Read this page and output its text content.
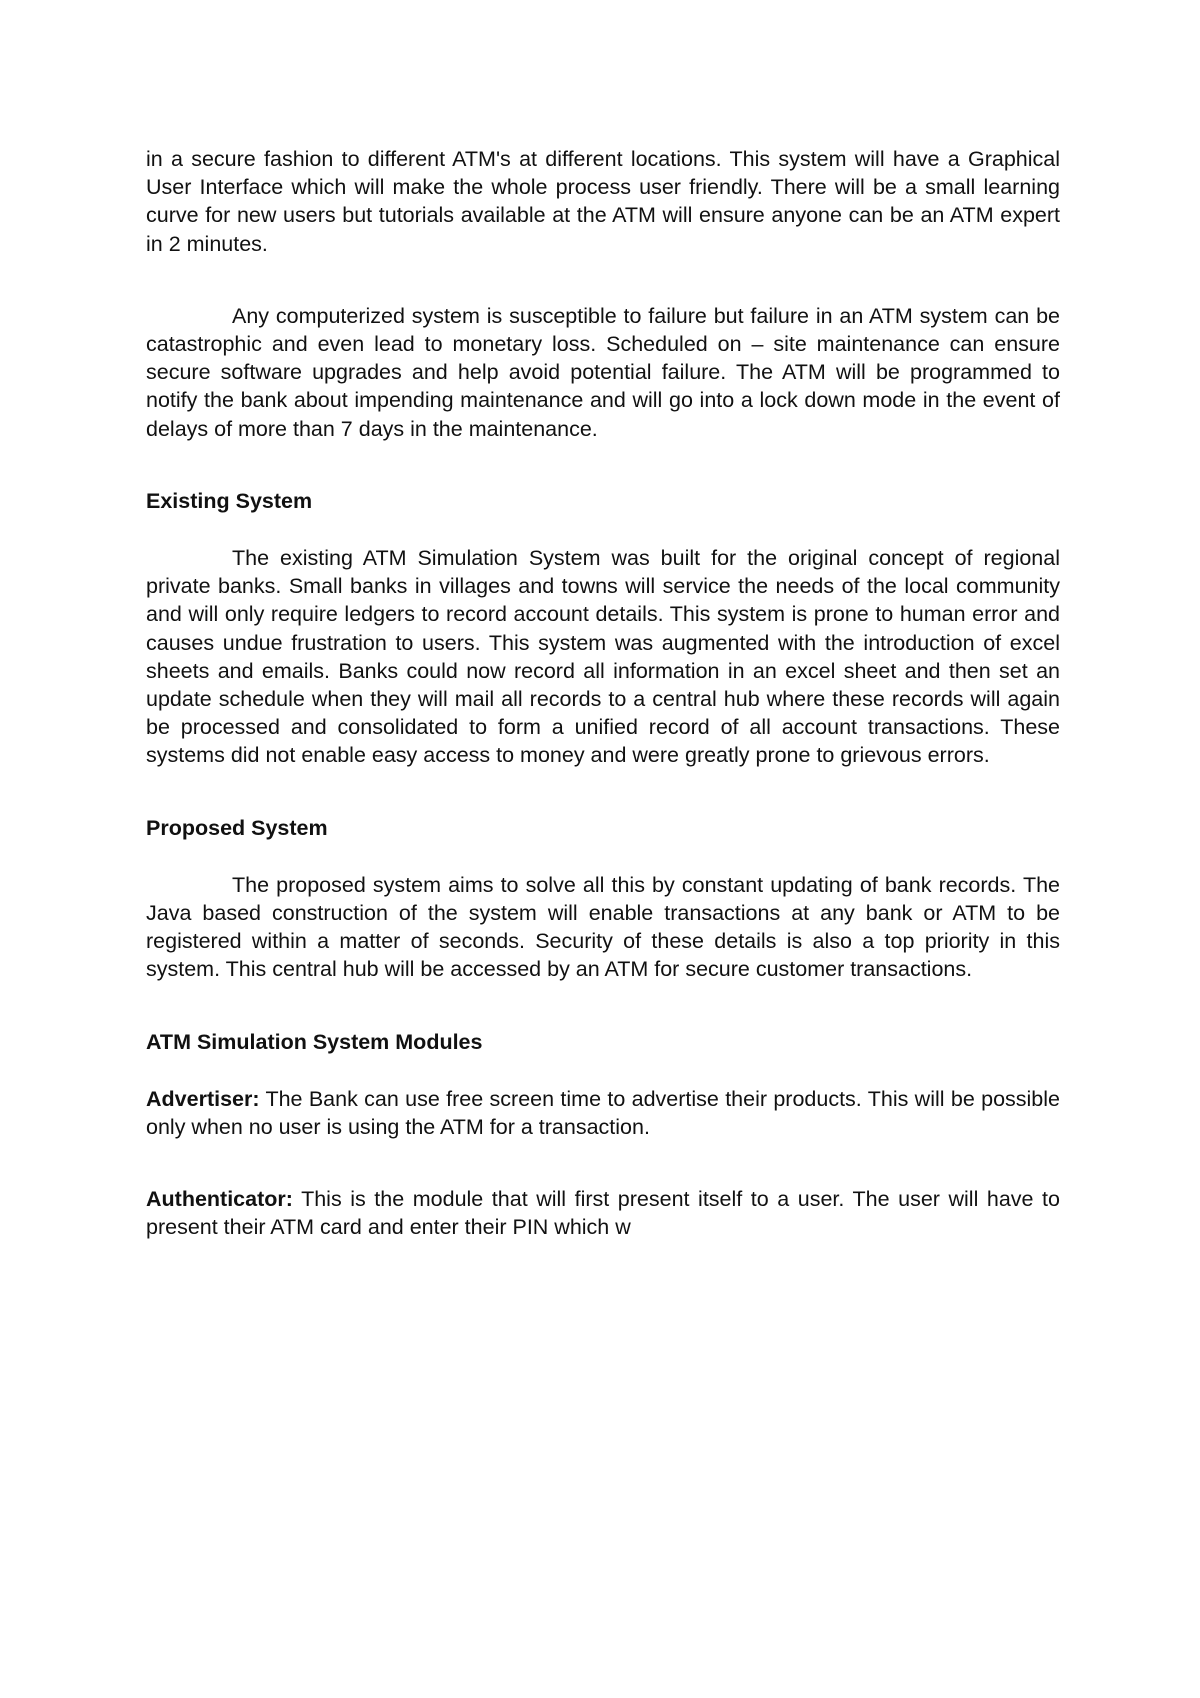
in a secure fashion to different ATM's at different locations. This system will have a Graphical User Interface which will make the whole process user friendly. There will be a small learning curve for new users but tutorials available at the ATM will ensure anyone can be an ATM expert in 2 minutes.

Any computerized system is susceptible to failure but failure in an ATM system can be catastrophic and even lead to monetary loss. Scheduled on – site maintenance can ensure secure software upgrades and help avoid potential failure. The ATM will be programmed to notify the bank about impending maintenance and will go into a lock down mode in the event of delays of more than 7 days in the maintenance.

Existing System

The existing ATM Simulation System was built for the original concept of regional private banks. Small banks in villages and towns will service the needs of the local community and will only require ledgers to record account details. This system is prone to human error and causes undue frustration to users. This system was augmented with the introduction of excel sheets and emails. Banks could now record all information in an excel sheet and then set an update schedule when they will mail all records to a central hub where these records will again be processed and consolidated to form a unified record of all account transactions. These systems did not enable easy access to money and were greatly prone to grievous errors.

Proposed System

The proposed system aims to solve all this by constant updating of bank records. The Java based construction of the system will enable transactions at any bank or ATM to be registered within a matter of seconds. Security of these details is also a top priority in this system. This central hub will be accessed by an ATM for secure customer transactions.

ATM Simulation System Modules

Advertiser: The Bank can use free screen time to advertise their products. This will be possible only when no user is using the ATM for a transaction.

Authenticator: This is the module that will first present itself to a user. The user will have to present their ATM card and enter their PIN which w
